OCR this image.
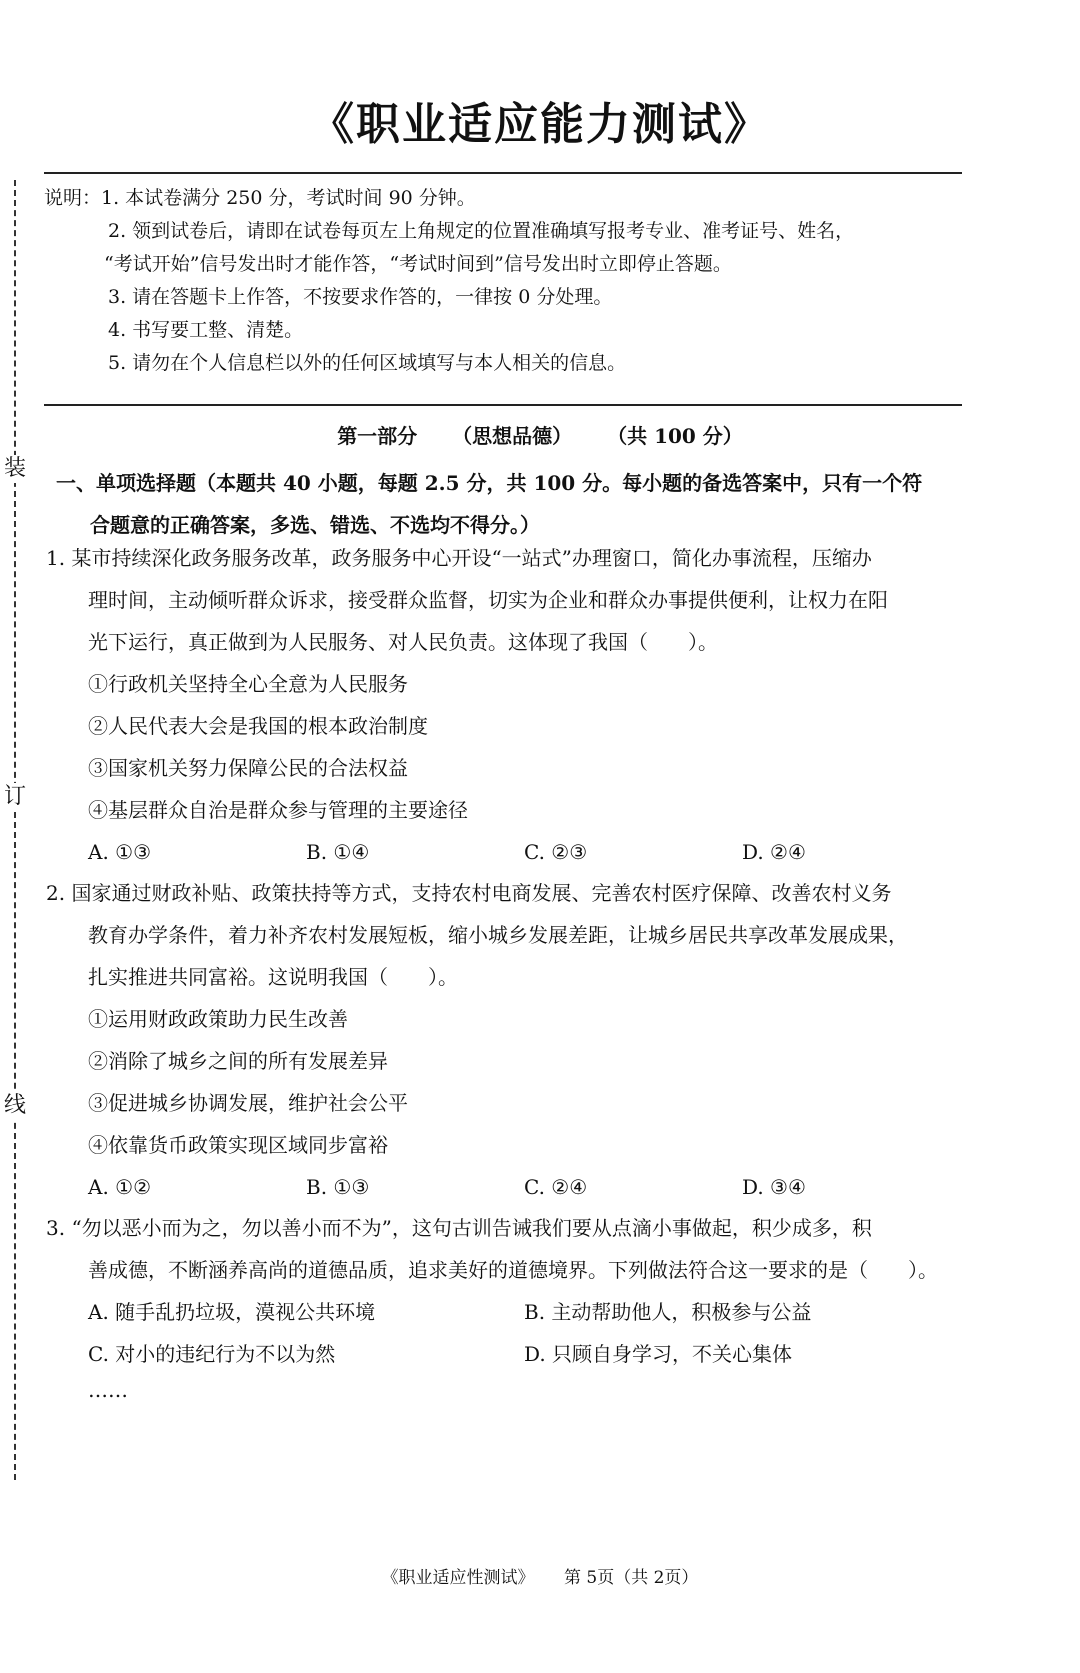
装
订
线
《职业适应能力测试》
说明：1. 本试卷满分 250 分，考试时间 90 分钟。
2. 领到试卷后，请即在试卷每页左上角规定的位置准确填写报考专业、准考证号、姓名，
“考试开始”信号发出时才能作答，“考试时间到”信号发出时立即停止答题。
3. 请在答题卡上作答，不按要求作答的，一律按 0 分处理。
4. 书写要工整、清楚。
5. 请勿在个人信息栏以外的任何区域填写与本人相关的信息。
第一部分 （思想品德） （共 100 分）
一、单项选择题（本题共 40 小题，每题 2.5 分，共 100 分。每小题的备选答案中，只有一个符
合题意的正确答案，多选、错选、不选均不得分。）
1. 某市持续深化政务服务改革，政务服务中心开设“一站式”办理窗口，简化办事流程，压缩办
理时间，主动倾听群众诉求，接受群众监督，切实为企业和群众办事提供便利，让权力在阳
光下运行，真正做到为人民服务、对人民负责。这体现了我国（　　）。
①行政机关坚持全心全意为人民服务
②人民代表大会是我国的根本政治制度
③国家机关努力保障公民的合法权益
④基层群众自治是群众参与管理的主要途径
A. ①③	B. ①④	C. ②③	D. ②④
2. 国家通过财政补贴、政策扶持等方式，支持农村电商发展、完善农村医疗保障、改善农村义务
教育办学条件，着力补齐农村发展短板，缩小城乡发展差距，让城乡居民共享改革发展成果，
扎实推进共同富裕。这说明我国（　　）。
①运用财政政策助力民生改善
②消除了城乡之间的所有发展差异
③促进城乡协调发展，维护社会公平
④依靠货币政策实现区域同步富裕
A. ①②	B. ①③	C. ②④	D. ③④
3. “勿以恶小而为之，勿以善小而不为”，这句古训告诫我们要从点滴小事做起，积少成多，积
善成德，不断涵养高尚的道德品质，追求美好的道德境界。下列做法符合这一要求的是（　　）。
A. 随手乱扔垃圾，漠视公共环境	B. 主动帮助他人，积极参与公益
C. 对小的违纪行为不以为然	D. 只顾自身学习，不关心集体
……
《职业适应性测试》 第 5页（共 2页）
